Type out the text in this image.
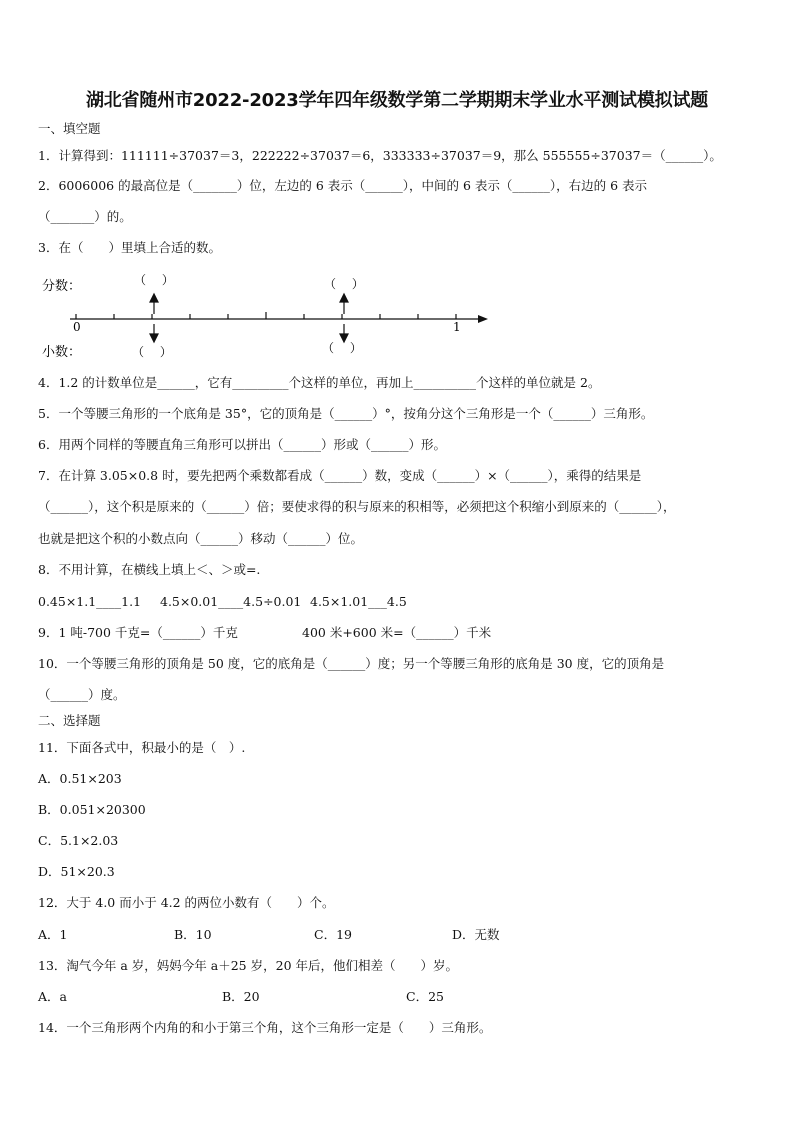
湖北省随州市2022-2023学年四年级数学第二学期期末学业水平测试模拟试题
一、填空题
1．计算得到：111111÷37037＝3，222222÷37037＝6，333333÷37037＝9，那么 555555÷37037＝（______）。
2．6006006 的最高位是（_______）位，左边的 6 表示（______），中间的 6 表示（______），右边的 6 表示
（_______）的。
3．在（　　）里填上合适的数。
分数：
小数：
0	1
（　 ）	（　 ）
（　 ）	（　 ）
4．1.2 的计数单位是______，它有_________个这样的单位，再加上__________个这样的单位就是 2。
5．一个等腰三角形的一个底角是 35°，它的顶角是（______）°，按角分这个三角形是一个（______）三角形。
6．用两个同样的等腰直角三角形可以拼出（______）形或（______）形。
7．在计算 3.05×0.8 时，要先把两个乘数都看成（______）数，变成（______）×（______），乘得的结果是
（______），这个积是原来的（______）倍；要使求得的积与原来的积相等，必须把这个积缩小到原来的（______），
也就是把这个积的小数点向（______）移动（______）位。
8．不用计算，在横线上填上＜、＞或=.
0.45×1.1____1.1 4.5×0.01____4.5÷0.01 4.5×1.01___4.5
9．1 吨-700 千克=（______）千克	400 米+600 米=（______）千米
10．一个等腰三角形的顶角是 50 度，它的底角是（______）度；另一个等腰三角形的底角是 30 度，它的顶角是
（______）度。
二、选择题
11．下面各式中，积最小的是（　）.
A．0.51×203
B．0.051×20300
C．5.1×2.03
D．51×20.3
12．大于 4.0 而小于 4.2 的两位小数有（　　）个。
A．1	B．10	C．19	D．无数
13．淘气今年 a 岁，妈妈今年 a＋25 岁，20 年后，他们相差（　　）岁。
A．a	B．20	C．25
14．一个三角形两个内角的和小于第三个角，这个三角形一定是（　　）三角形。
